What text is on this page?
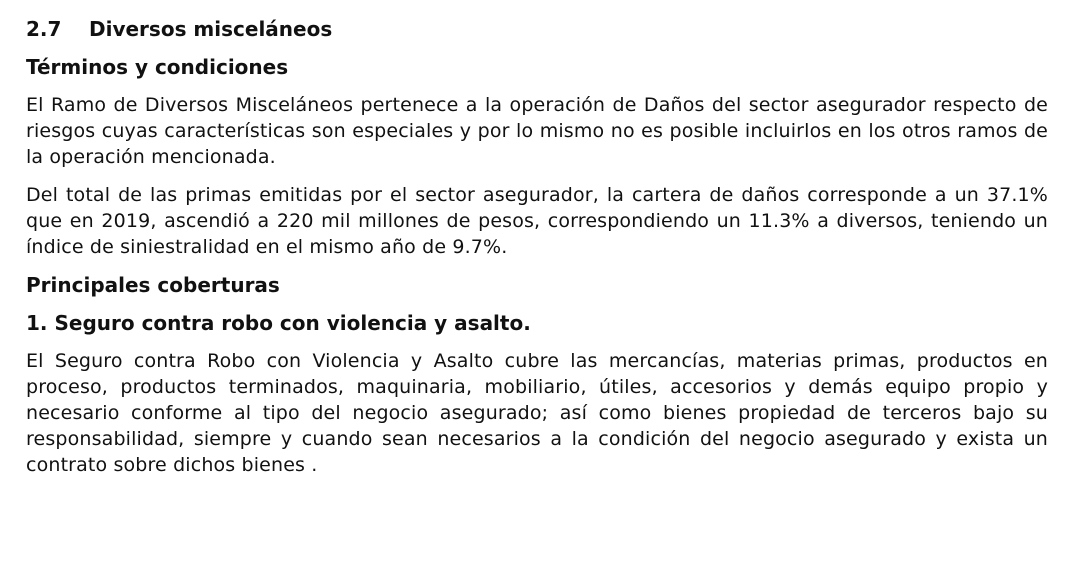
2.7 Diversos misceláneos
Términos y condiciones

El Ramo de Diversos Misceláneos pertenece a la operación de Daños del sector asegurador respecto de riesgos cuyas características son especiales y por lo mismo no es posible incluirlos en los otros ramos de la operación mencionada.

Del total de las primas emitidas por el sector asegurador, la cartera de daños corresponde a un 37.1% que en 2019, ascendió a 220 mil millones de pesos, correspondiendo un 11.3% a diversos, teniendo un índice de siniestralidad en el mismo año de 9.7%.

Principales coberturas
1. Seguro contra robo con violencia y asalto.

El Seguro contra Robo con Violencia y Asalto cubre las mercancías, materias primas, productos en proceso, productos terminados, maquinaria, mobiliario, útiles, accesorios y demás equipo propio y necesario conforme al tipo del negocio asegurado; así como bienes propiedad de terceros bajo su responsabilidad, siempre y cuando sean necesarios a la condición del negocio asegurado y exista un contrato sobre dichos bienes .
